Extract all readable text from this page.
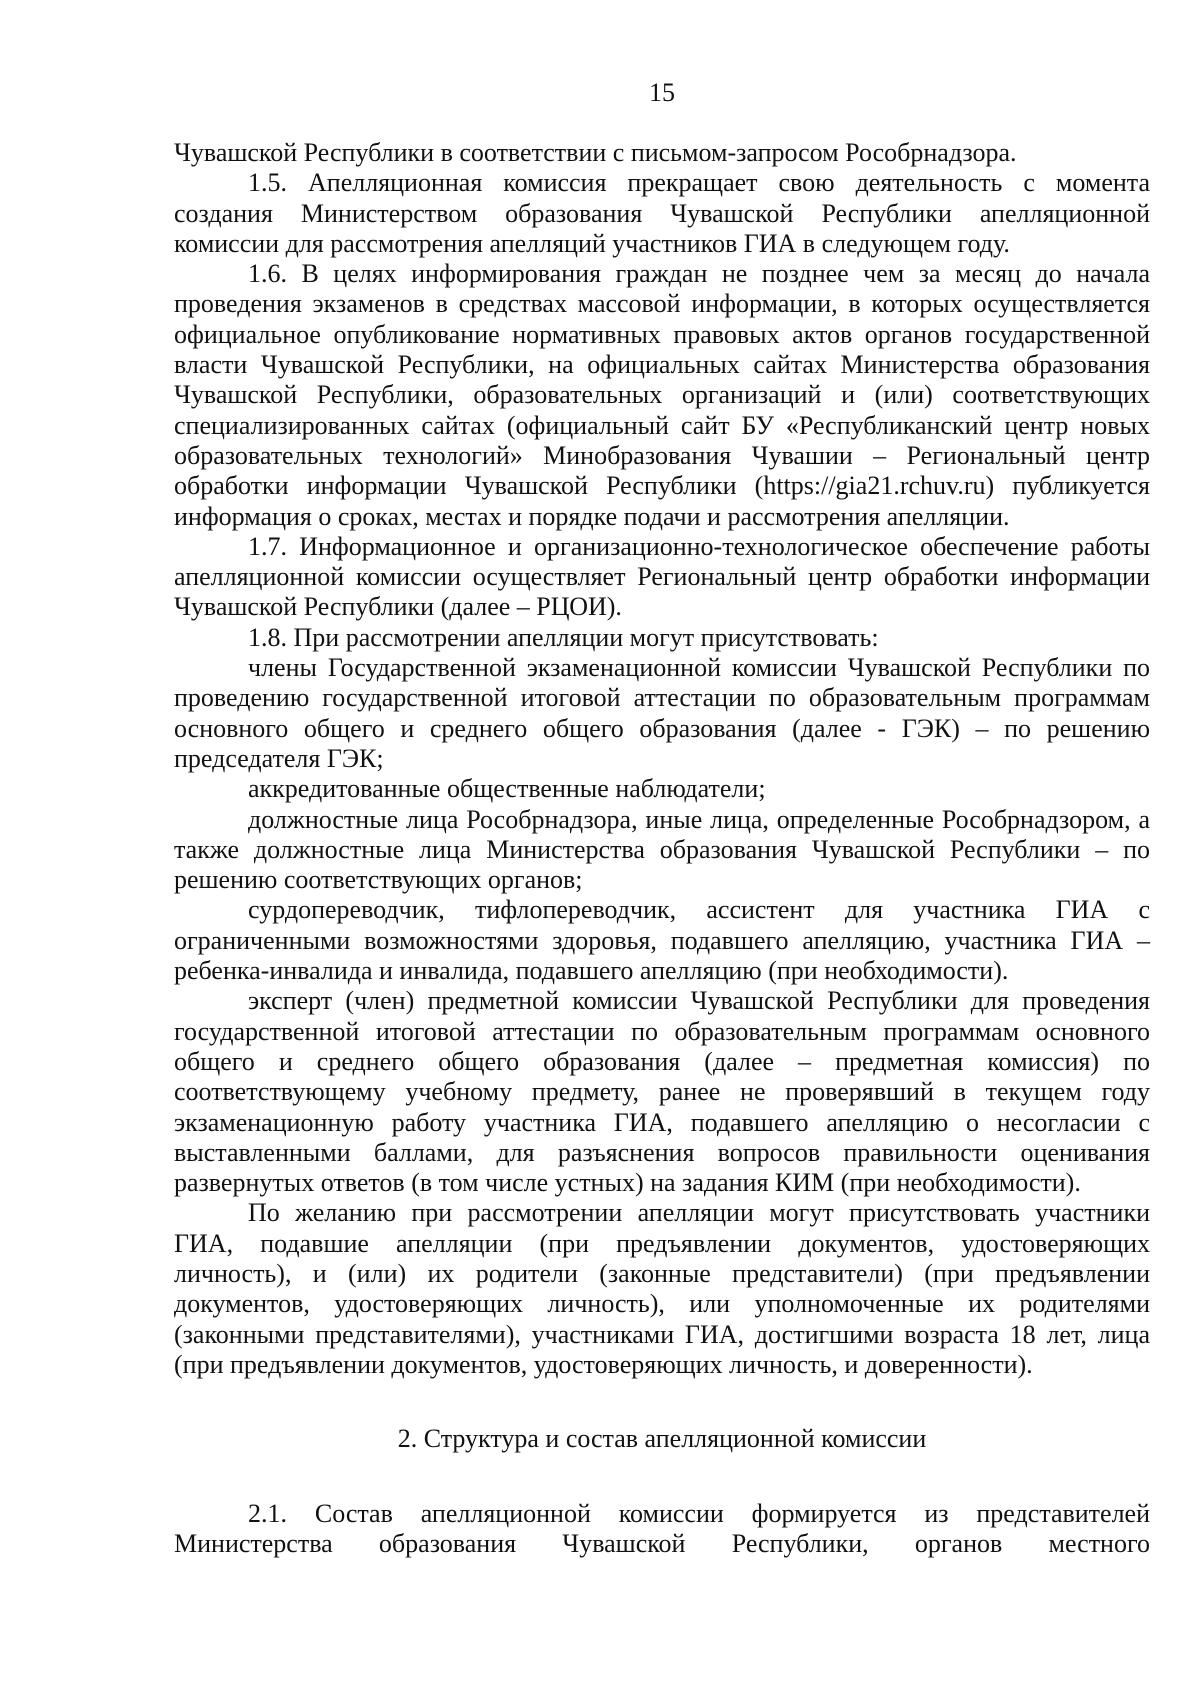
15

Чувашской Республики в соответствии с письмом-запросом Рособрнадзора.

1.5. Апелляционная комиссия прекращает свою деятельность с момента создания Министерством образования Чувашской Республики апелляционной комиссии для рассмотрения апелляций участников ГИА в следующем году.

1.6. В целях информирования граждан не позднее чем за месяц до начала проведения экзаменов в средствах массовой информации, в которых осуществляется официальное опубликование нормативных правовых актов органов государственной власти Чувашской Республики, на официальных сайтах Министерства образования Чувашской Республики, образовательных организаций и (или) соответствующих специализированных сайтах (официальный сайт БУ «Республиканский центр новых образовательных технологий» Минобразования Чувашии – Региональный центр обработки информации Чувашской Республики (https://gia21.rchuv.ru) публикуется информация о сроках, местах и порядке подачи и рассмотрения апелляции.

1.7. Информационное и организационно-технологическое обеспечение работы апелляционной комиссии осуществляет Региональный центр обработки информации Чувашской Республики (далее – РЦОИ).

1.8. При рассмотрении апелляции могут присутствовать:

члены Государственной экзаменационной комиссии Чувашской Республики по проведению государственной итоговой аттестации по образовательным программам основного общего и среднего общего образования (далее - ГЭК) – по решению председателя ГЭК;

аккредитованные общественные наблюдатели;

должностные лица Рособрнадзора, иные лица, определенные Рособрнадзором, а также должностные лица Министерства образования Чувашской Республики – по решению соответствующих органов;

сурдопереводчик, тифлопереводчик, ассистент для участника ГИА с ограниченными возможностями здоровья, подавшего апелляцию, участника ГИА – ребенка-инвалида и инвалида, подавшего апелляцию (при необходимости).

эксперт (член) предметной комиссии Чувашской Республики для проведения государственной итоговой аттестации по образовательным программам основного общего и среднего общего образования (далее – предметная комиссия) по соответствующему учебному предмету, ранее не проверявший в текущем году экзаменационную работу участника ГИА, подавшего апелляцию о несогласии с выставленными баллами, для разъяснения вопросов правильности оценивания развернутых ответов (в том числе устных) на задания КИМ (при необходимости).

По желанию при рассмотрении апелляции могут присутствовать участники ГИА, подавшие апелляции (при предъявлении документов, удостоверяющих личность), и (или) их родители (законные представители) (при предъявлении документов, удостоверяющих личность), или уполномоченные их родителями (законными представителями), участниками ГИА, достигшими возраста 18 лет, лица (при предъявлении документов, удостоверяющих личность, и доверенности).

2. Структура и состав апелляционной комиссии

2.1. Состав апелляционной комиссии формируется из представителей Министерства образования Чувашской Республики, органов местного
